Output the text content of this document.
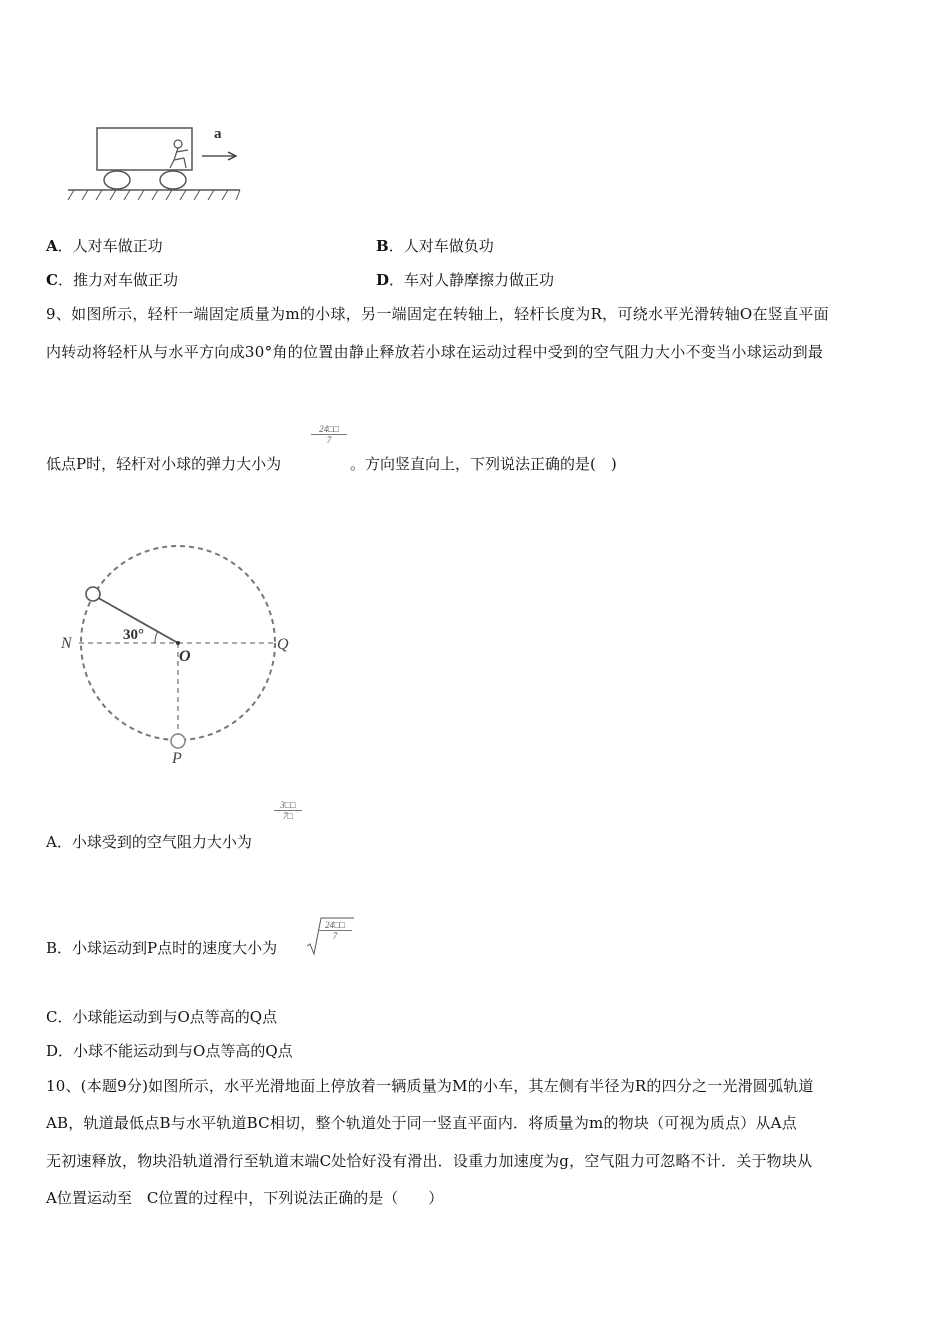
a
A．人对车做正功	B．人对车做负功
C．推力对车做正功	D．车对人静摩擦力做正功
9、如图所示，轻杆一端固定质量为m的小球，另一端固定在转轴上，轻杆长度为R，可绕水平光滑转轴O在竖直平面
内转动将轻杆从与水平方向成30°角的位置由静止释放若小球在运动过程中受到的空气阻力大小不变当小球运动到最
$\frac{24□□}{7}$
低点P时，轻杆对小球的弹力大小为	。方向竖直向上，下列说法正确的是(　)
30°
N
O
Q
P
$\frac{3□□}{7□}$
A．小球受到的空气阻力大小为
B．小球运动到P点时的速度大小为
$\frac{24□□}{7}$
C．小球能运动到与O点等高的Q点
D．小球不能运动到与O点等高的Q点
10、(本题9分)如图所示，水平光滑地面上停放着一辆质量为M的小车，其左侧有半径为R的四分之一光滑圆弧轨道
AB，轨道最低点B与水平轨道BC相切，整个轨道处于同一竖直平面内．将质量为m的物块（可视为质点）从A点
无初速释放，物块沿轨道滑行至轨道末端C处恰好没有滑出．设重力加速度为g，空气阻力可忽略不计．关于物块从
A位置运动至　C位置的过程中，下列说法正确的是（　　）
